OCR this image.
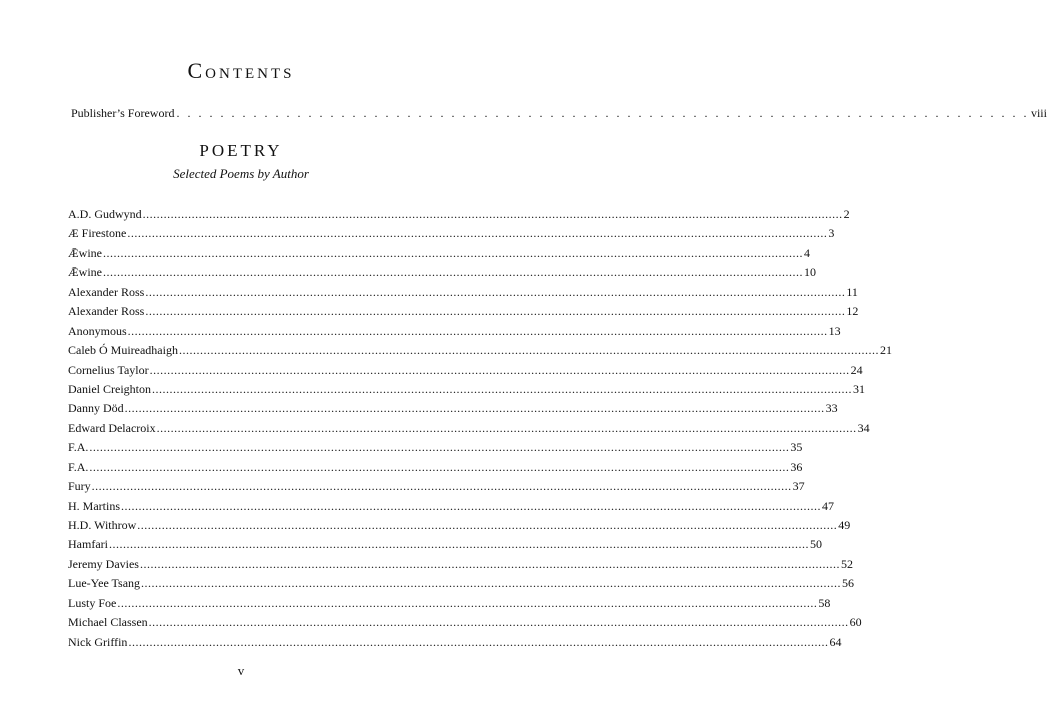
Contents
Publisher’s Foreword . . . . . . . . . . . . . . . . . . . . . . . . . . . . . . . . . . . . . . . . . . . . . . . . . . . . . . . . . . . . . . . . . . . . . . . . . . . . . . viii
POETRY
Selected Poems by Author
A.D. Gudwynd ........................................................................................................................................................................................................ 2
Æ Firestone ........................................................................................................................................................................................................ 3
Ǣwine ........................................................................................................................................................................................................ 4
Ǣwine ........................................................................................................................................................................................................ 10
Alexander Ross ........................................................................................................................................................................................................ 11
Alexander Ross ........................................................................................................................................................................................................ 12
Anonymous ........................................................................................................................................................................................................ 13
Caleb Ó Muireadhaigh ........................................................................................................................................................................................................ 21
Cornelius Taylor ........................................................................................................................................................................................................ 24
Daniel Creighton ........................................................................................................................................................................................................ 31
Danny Död ........................................................................................................................................................................................................ 33
Edward Delacroix ........................................................................................................................................................................................................ 34
F.A. ........................................................................................................................................................................................................ 35
F.A. ........................................................................................................................................................................................................ 36
Fury ........................................................................................................................................................................................................ 37
H. Martins ........................................................................................................................................................................................................ 47
H.D. Withrow ........................................................................................................................................................................................................ 49
Hamfari ........................................................................................................................................................................................................ 50
Jeremy Davies ........................................................................................................................................................................................................ 52
Lue-Yee Tsang ........................................................................................................................................................................................................ 56
Lusty Foe ........................................................................................................................................................................................................ 58
Michael Classen ........................................................................................................................................................................................................ 60
Nick Griffin ........................................................................................................................................................................................................ 64
v
